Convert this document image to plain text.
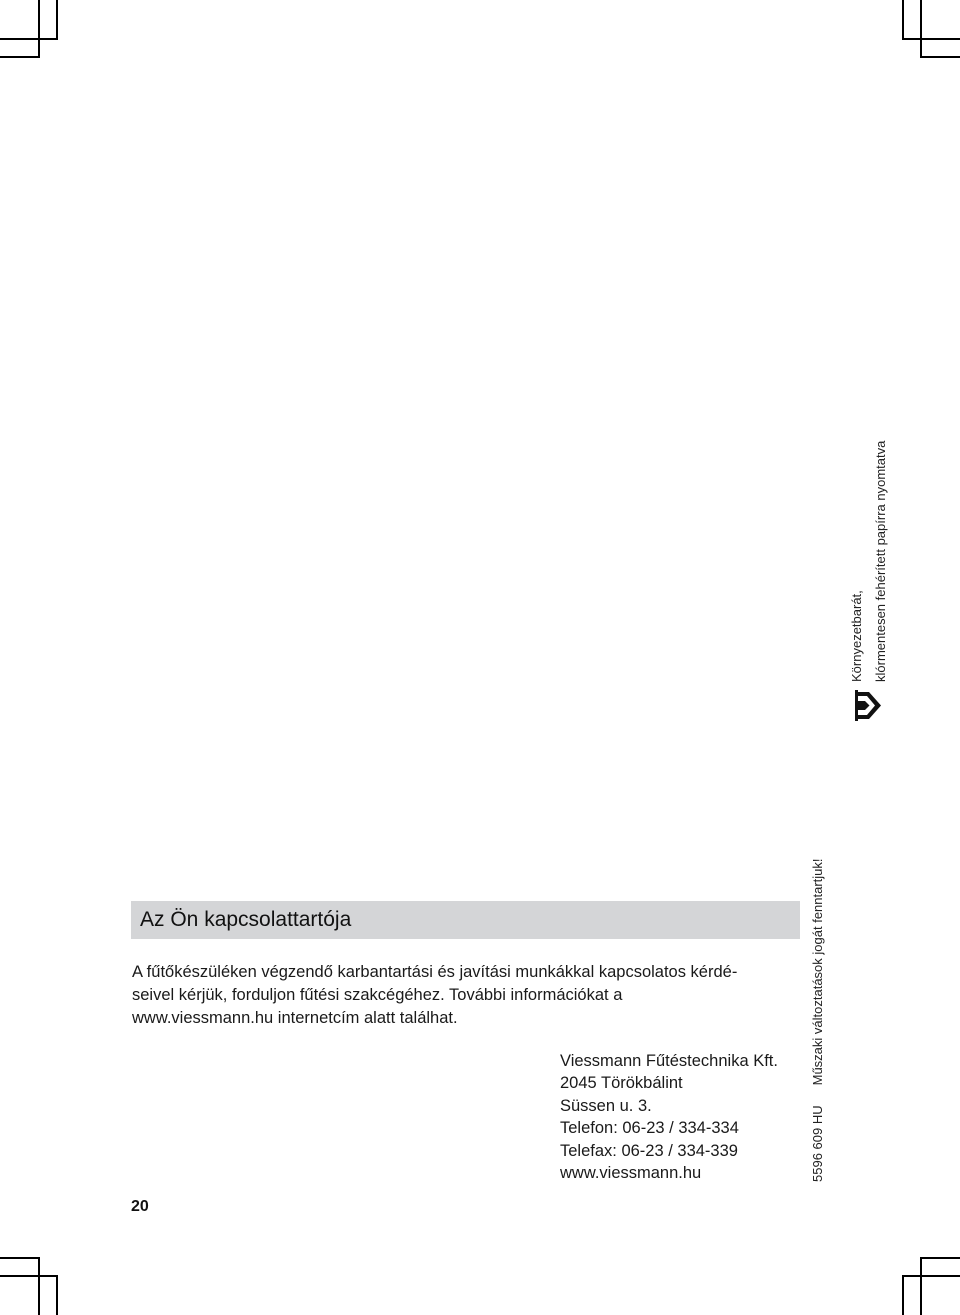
Az Ön kapcsolattartója
A fűtőkészüléken végzendő karbantartási és javítási munkákkal kapcsolatos kérdé-
seivel kérjük, forduljon fűtési szakcégéhez. További információkat a
www.viessmann.hu internetcím alatt találhat.
Viessmann Fűtéstechnika Kft.
2045 Törökbálint
Süssen u. 3.
Telefon: 06-23 / 334-334
Telefax: 06-23 / 334-339
www.viessmann.hu
20
5596 609 HUMűszaki változtatások jogát fenntartjuk!
Környezetbarát, klórmentesen fehérített papírra nyomtatva
